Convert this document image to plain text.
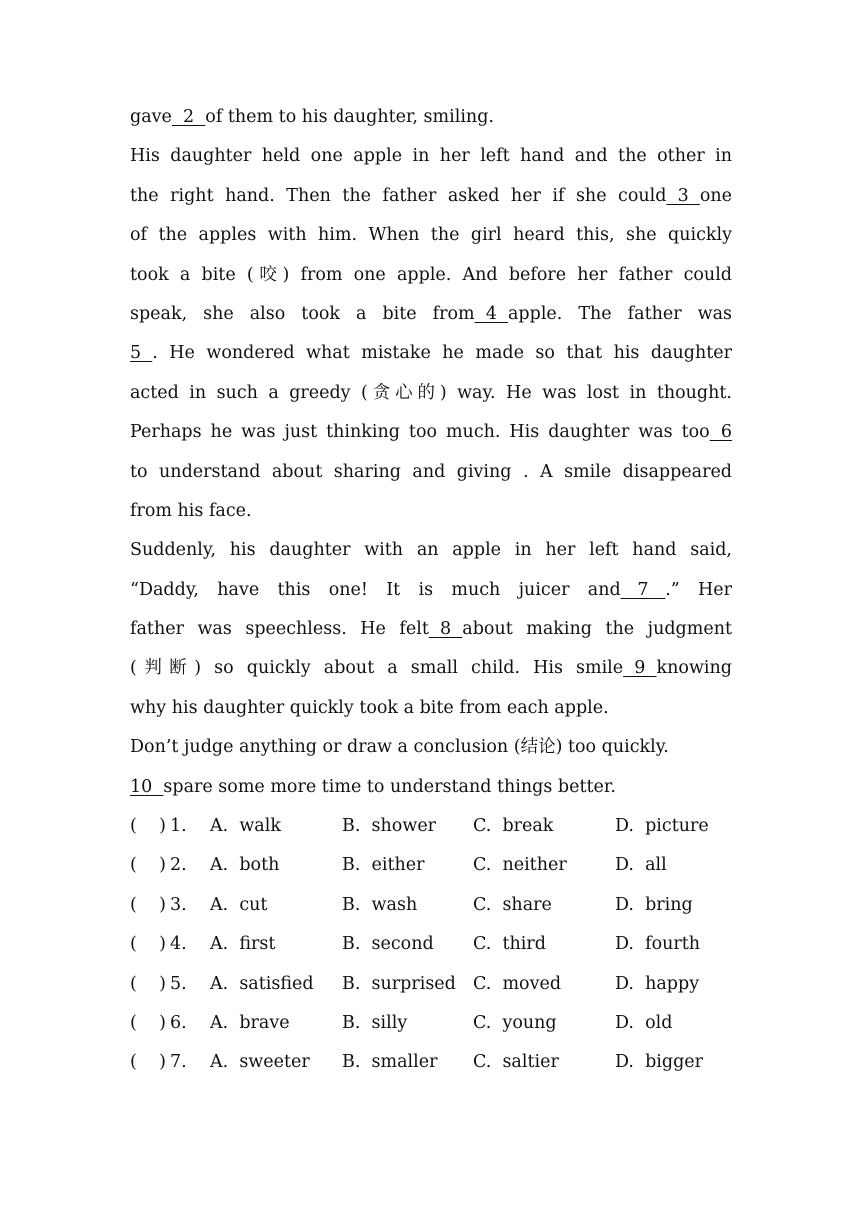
gave  2  of them to his daughter, smiling.
His daughter held one apple in her left hand and the other in
the right hand. Then the father asked her if she could  3  one
of the apples with him. When the girl heard this, she quickly
took a bite (咬) from one apple. And before her father could
speak, she also took a bite from  4  apple. The father was
5  . He wondered what mistake he made so that his daughter
acted in such a greedy (贪心的) way. He was lost in thought.
Perhaps he was just thinking too much. His daughter was too  6
to understand about sharing and giving . A smile disappeared
from his face.
Suddenly, his daughter with an apple in her left hand said,
“Daddy, have this one! It is much juicer and   7   .” Her
father was speechless. He felt  8  about making the judgment
(判断) so quickly about a small child. His smile  9  knowing
why his daughter quickly took a bite from each apple.
Don’t judge anything or draw a conclusion (结论) too quickly.
10  spare some more time to understand things better.
(    ) 1. A.  walk	B.  shower C.  break	D.  picture
(    ) 2. A.  both	B.  either	C.  neither	D.  all
(    ) 3. A.  cut	B.  wash	C.  share	D.  bring
(    ) 4. A.  first	B.  second C.  third	D.  fourth
(    ) 5. A.  satisfied B.  surprised C.  moved	D.  happy
(    ) 6. A.  brave	B.  silly	C.  young	D.  old
(    ) 7. A.  sweeter B.  smaller C.  saltier	D.  bigger
